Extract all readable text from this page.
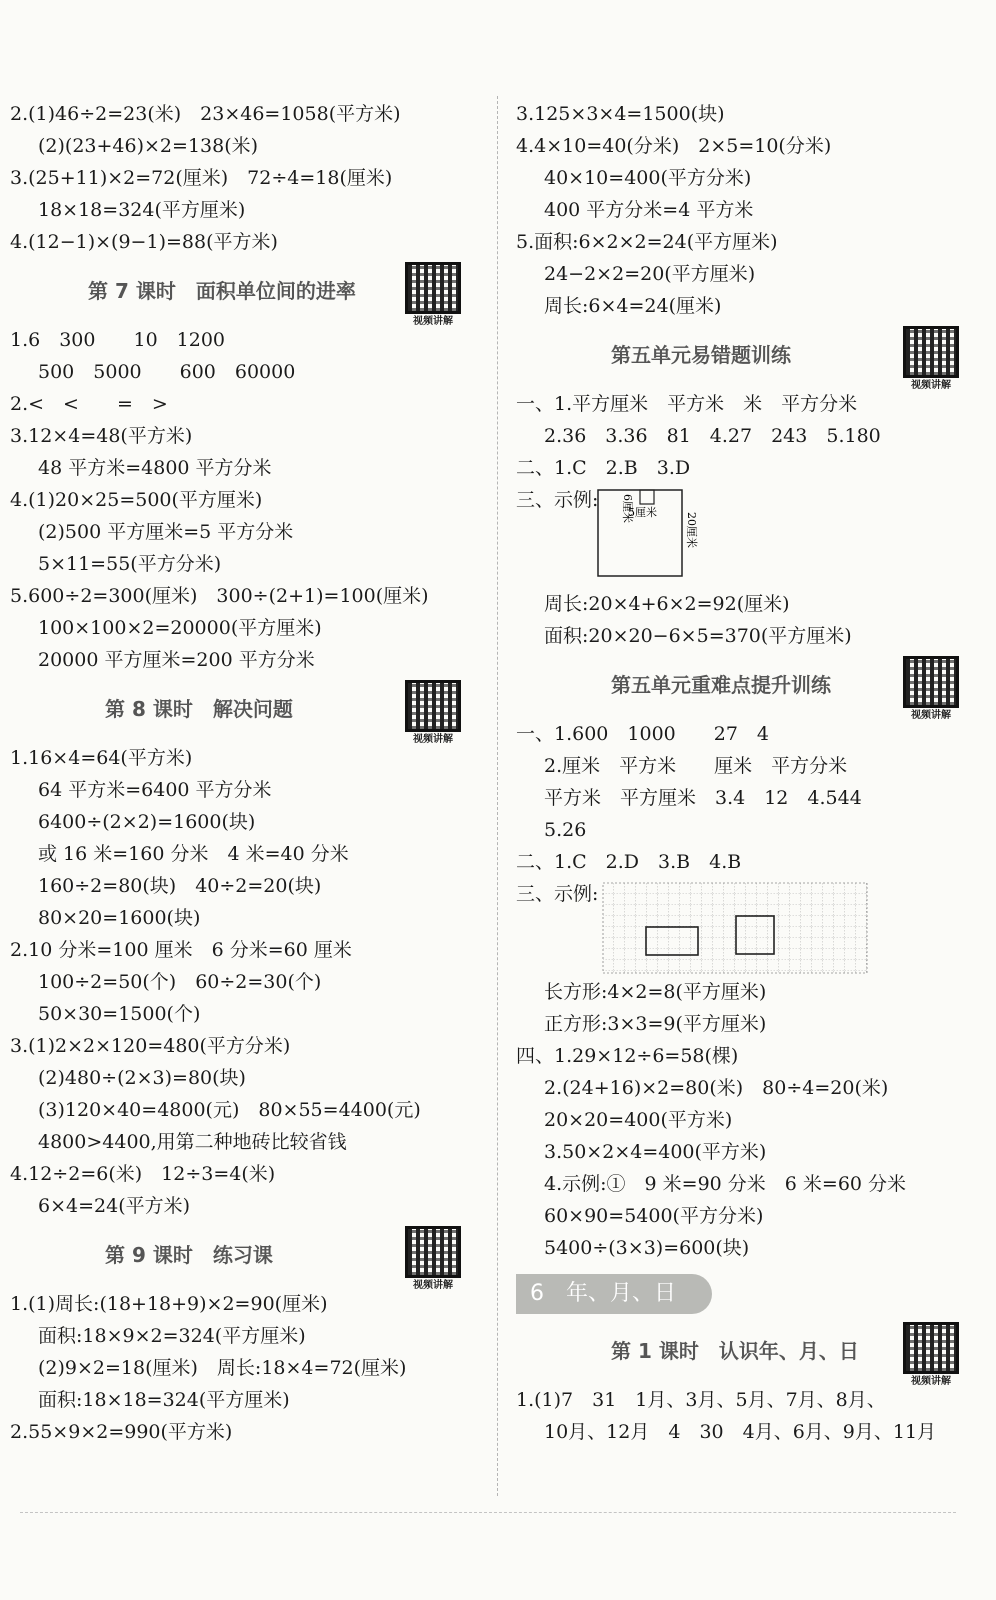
2.(1)46÷2=23(米)　23×46=1058(平方米)
(2)(23+46)×2=138(米)
3.(25+11)×2=72(厘米)　72÷4=18(厘米)
18×18=324(平方厘米)
4.(12−1)×(9−1)=88(平方米)
第 7 课时　面积单位间的进率
视频讲解
1.6　300　　10　1200
500　5000　　600　60000
2.<　<　　=　>
3.12×4=48(平方米)
48 平方米=4800 平方分米
4.(1)20×25=500(平方厘米)
(2)500 平方厘米=5 平方分米
5×11=55(平方分米)
5.600÷2=300(厘米)　300÷(2+1)=100(厘米)
100×100×2=20000(平方厘米)
20000 平方厘米=200 平方分米
第 8 课时　解决问题
视频讲解
1.16×4=64(平方米)
64 平方米=6400 平方分米
6400÷(2×2)=1600(块)
或 16 米=160 分米　4 米=40 分米
160÷2=80(块)　40÷2=20(块)
80×20=1600(块)
2.10 分米=100 厘米　6 分米=60 厘米
100÷2=50(个)　60÷2=30(个)
50×30=1500(个)
3.(1)2×2×120=480(平方分米)
(2)480÷(2×3)=80(块)
(3)120×40=4800(元)　80×55=4400(元)
4800>4400,用第二种地砖比较省钱
4.12÷2=6(米)　12÷3=4(米)
6×4=24(平方米)
第 9 课时　练习课
视频讲解
1.(1)周长:(18+18+9)×2=90(厘米)
面积:18×9×2=324(平方厘米)
(2)9×2=18(厘米)　周长:18×4=72(厘米)
面积:18×18=324(平方厘米)
2.55×9×2=990(平方米)
3.125×3×4=1500(块)
4.4×10=40(分米)　2×5=10(分米)
40×10=400(平方分米)
400 平方分米=4 平方米
5.面积:6×2×2=24(平方厘米)
24−2×2=20(平方厘米)
周长:6×4=24(厘米)
第五单元易错题训练
视频讲解
一、1.平方厘米　平方米　米　平方分米
2.36　3.36　81　4.27　243　5.180
二、1.C　2.B　3.D
三、示例: 6厘米
5厘米	20厘米
周长:20×4+6×2=92(厘米)
面积:20×20−6×5=370(平方厘米)
第五单元重难点提升训练
视频讲解
一、1.600　1000　　27　4
2.厘米　平方米　　厘米　平方分米
平方米　平方厘米　3.4　12　4.544
5.26
二、1.C　2.D　3.B　4.B
三、示例:
长方形:4×2=8(平方厘米)
正方形:3×3=9(平方厘米)
四、1.29×12÷6=58(棵)
2.(24+16)×2=80(米)　80÷4=20(米)
20×20=400(平方米)
3.50×2×4=400(平方米)
4.示例:①　9 米=90 分米　6 米=60 分米
60×90=5400(平方分米)
5400÷(3×3)=600(块)
6　年、月、日
第 1 课时　认识年、月、日
视频讲解
1.(1)7　31　1月、3月、5月、7月、8月、
10月、12月　4　30　4月、6月、9月、11月
